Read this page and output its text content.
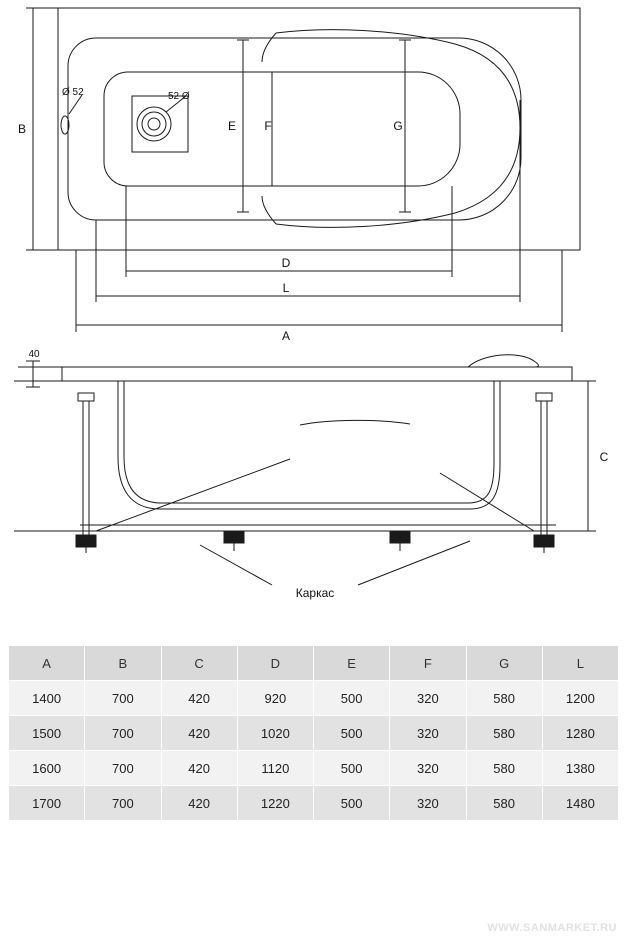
B
A
L
D
E F	G
Ø 52	52 Ø
40
C
Каркас
A	B	C	D	E	F	G	L
1400	700	420	920	500	320	580	1200
1500	700	420	1020	500	320	580	1280
1600	700	420	1120	500	320	580	1380
1700	700	420	1220	500	320	580	1480
WWW.SANMARKET.RU
